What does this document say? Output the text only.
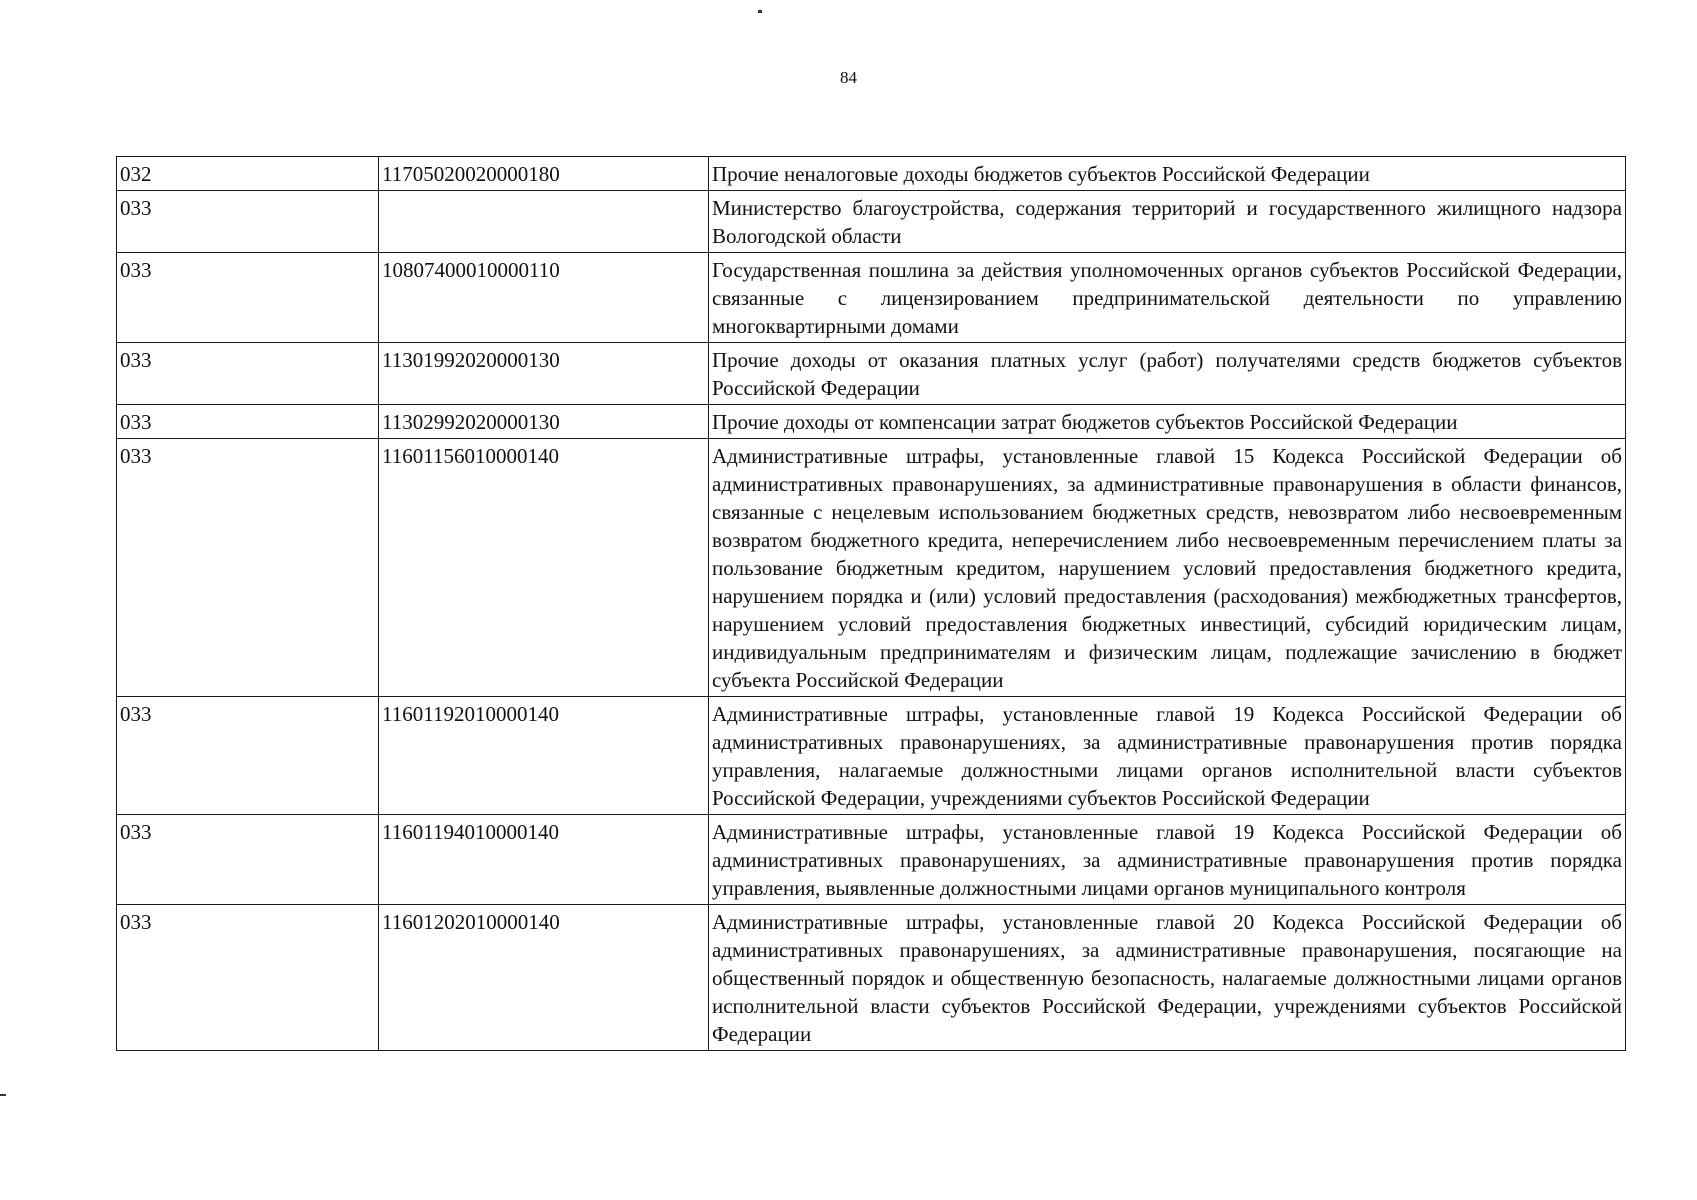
84
032	11705020020000180	Прочие неналоговые доходы бюджетов субъектов Российской Федерации
033		Министерство благоустройства, содержания территорий и государственного жилищного надзора Вологодской области
033	10807400010000110	Государственная пошлина за действия уполномоченных органов субъектов Российской Федерации, связанные с лицензированием предпринимательской деятельности по управлению многоквартирными домами
033	11301992020000130	Прочие доходы от оказания платных услуг (работ) получателями средств бюджетов субъектов Российской Федерации
033	11302992020000130	Прочие доходы от компенсации затрат бюджетов субъектов Российской Федерации
033	11601156010000140	Административные штрафы, установленные главой 15 Кодекса Российской Федерации об административных правонарушениях, за административные правонарушения в области финансов, связанные с нецелевым использованием бюджетных средств, невозвратом либо несвоевременным возвратом бюджетного кредита, неперечислением либо несвоевременным перечислением платы за пользование бюджетным кредитом, нарушением условий предоставления бюджетного кредита, нарушением порядка и (или) условий предоставления (расходования) межбюджетных трансфертов, нарушением условий предоставления бюджетных инвестиций, субсидий юридическим лицам, индивидуальным предпринимателям и физическим лицам, подлежащие зачислению в бюджет субъекта Российской Федерации
033	11601192010000140	Административные штрафы, установленные главой 19 Кодекса Российской Федерации об административных правонарушениях, за административные правонарушения против порядка управления, налагаемые должностными лицами органов исполнительной власти субъектов Российской Федерации, учреждениями субъектов Российской Федерации
033	11601194010000140	Административные штрафы, установленные главой 19 Кодекса Российской Федерации об административных правонарушениях, за административные правонарушения против порядка управления, выявленные должностными лицами органов муниципального контроля
033	11601202010000140	Административные штрафы, установленные главой 20 Кодекса Российской Федерации об административных правонарушениях, за административные правонарушения, посягающие на общественный порядок и общественную безопасность, налагаемые должностными лицами органов исполнительной власти субъектов Российской Федерации, учреждениями субъектов Российской Федерации
